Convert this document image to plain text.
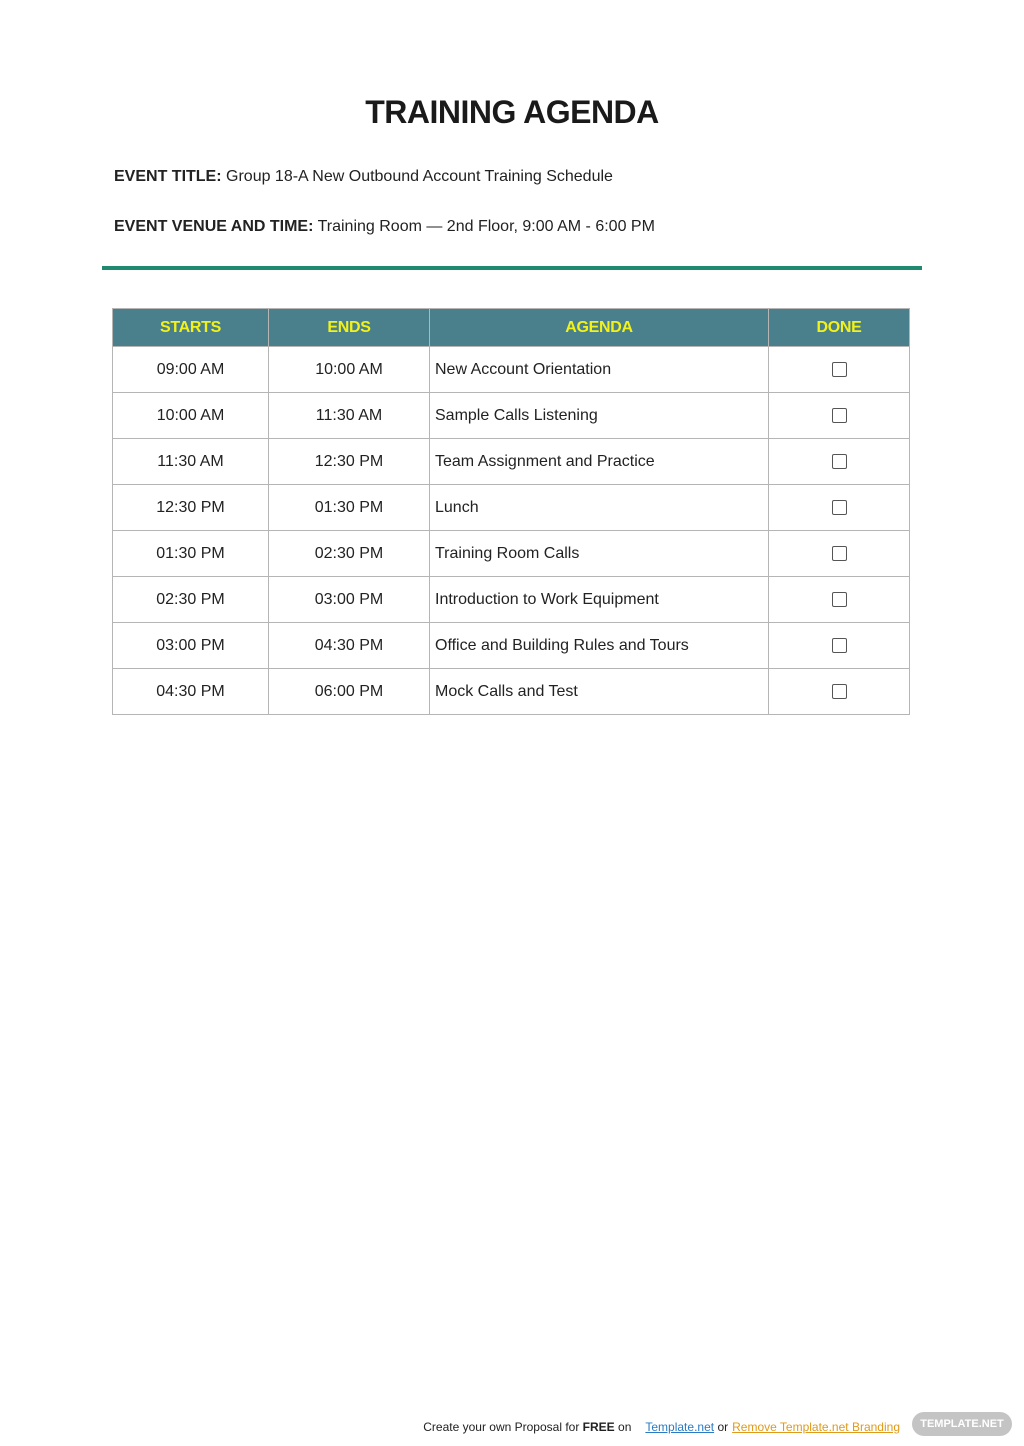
TRAINING AGENDA
EVENT TITLE: Group 18-A New Outbound Account Training Schedule
EVENT VENUE AND TIME: Training Room — 2nd Floor, 9:00 AM - 6:00 PM
STARTS	ENDS	AGENDA	DONE
09:00 AM	10:00 AM	New Account Orientation	
10:00 AM	11:30 AM	Sample Calls Listening	
11:30 AM	12:30 PM	Team Assignment and Practice	
12:30 PM	01:30 PM	Lunch	
01:30 PM	02:30 PM	Training Room Calls	
02:30 PM	03:00 PM	Introduction to Work Equipment	
03:00 PM	04:30 PM	Office and Building Rules and Tours	
04:30 PM	06:00 PM	Mock Calls and Test	
Create your own Proposal for FREE on Template.net or Remove Template.net Branding	TEMPLATE.NET
